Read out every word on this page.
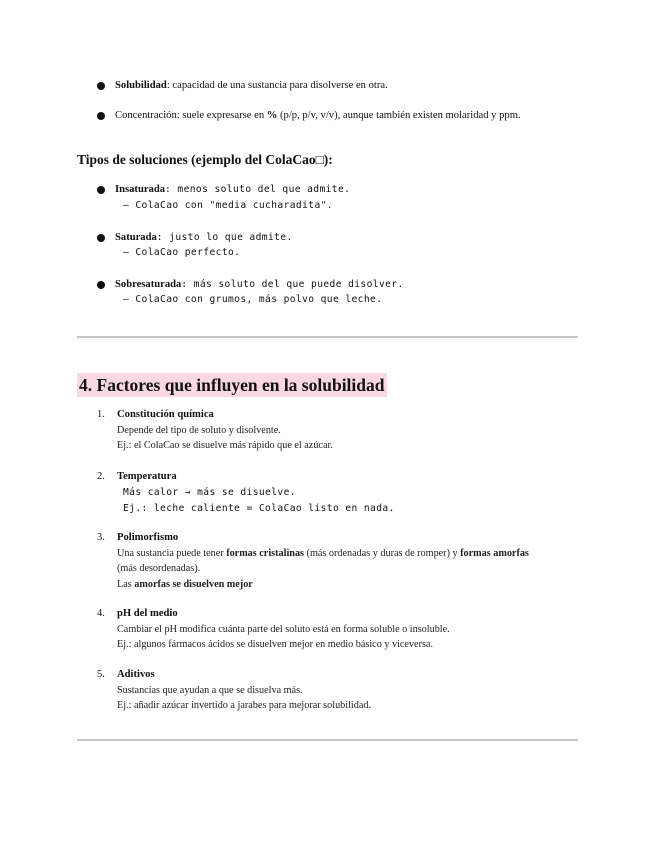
Solubilidad: capacidad de una sustancia para disolverse en otra.
Concentración: suele expresarse en % (p/p, p/v, v/v), aunque también existen molaridad y ppm.
Tipos de soluciones (ejemplo del ColaCao□):
Insaturada: menos soluto del que admite.
– ColaCao con "media cucharadita".
Saturada: justo lo que admite.
– ColaCao perfecto.
Sobresaturada: más soluto del que puede disolver.
– ColaCao con grumos, más polvo que leche.
4. Factores que influyen en la solubilidad
1. Constitución química
Depende del tipo de soluto y disolvente.
Ej.: el ColaCao se disuelve más rápido que el azúcar.
2. Temperatura
Más calor → más se disuelve.
Ej.: leche caliente = ColaCao listo en nada.
3. Polimorfismo
Una sustancia puede tener formas cristalinas (más ordenadas y duras de romper) y formas amorfas
(más desordenadas).
Las amorfas se disuelven mejor
4. pH del medio
Cambiar el pH modifica cuánta parte del soluto está en forma soluble o insoluble.
Ej.: algunos fármacos ácidos se disuelven mejor en medio básico y viceversa.
5. Aditivos
Sustancias que ayudan a que se disuelva más.
Ej.: añadir azúcar invertido a jarabes para mejorar solubilidad.
